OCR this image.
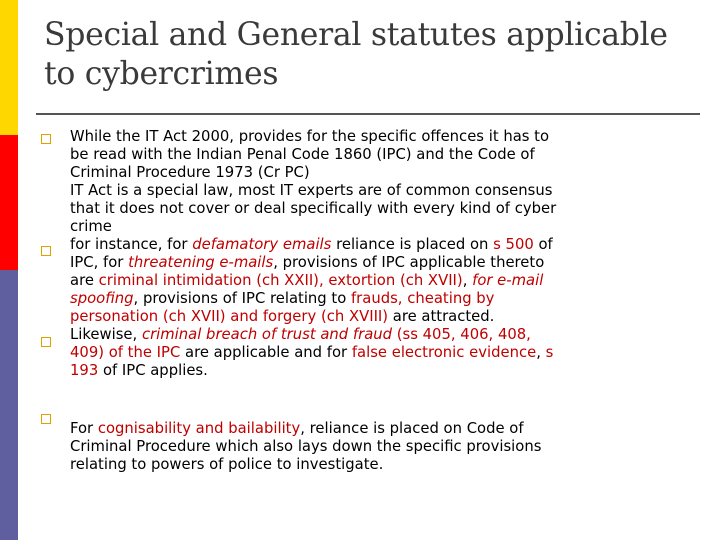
Special and General statutes applicable
to cybercrimes
While the IT Act 2000, provides for the specific offences it has to
be read with the Indian Penal Code 1860 (IPC) and the Code of
Criminal Procedure 1973 (Cr PC)
IT Act is a special law, most IT experts are of common consensus
that it does not cover or deal specifically with every kind of cyber
crime
for instance, for defamatory emails reliance is placed on s 500 of
IPC, for threatening e-mails, provisions of IPC applicable thereto
are criminal intimidation (ch XXII), extortion (ch XVII), for e-mail
spoofing, provisions of IPC relating to frauds, cheating by
personation (ch XVII) and forgery (ch XVIII) are attracted.
Likewise, criminal breach of trust and fraud (ss 405, 406, 408,
409) of the IPC are applicable and for false electronic evidence, s
193 of IPC applies.
For cognisability and bailability, reliance is placed on Code of
Criminal Procedure which also lays down the specific provisions
relating to powers of police to investigate.
